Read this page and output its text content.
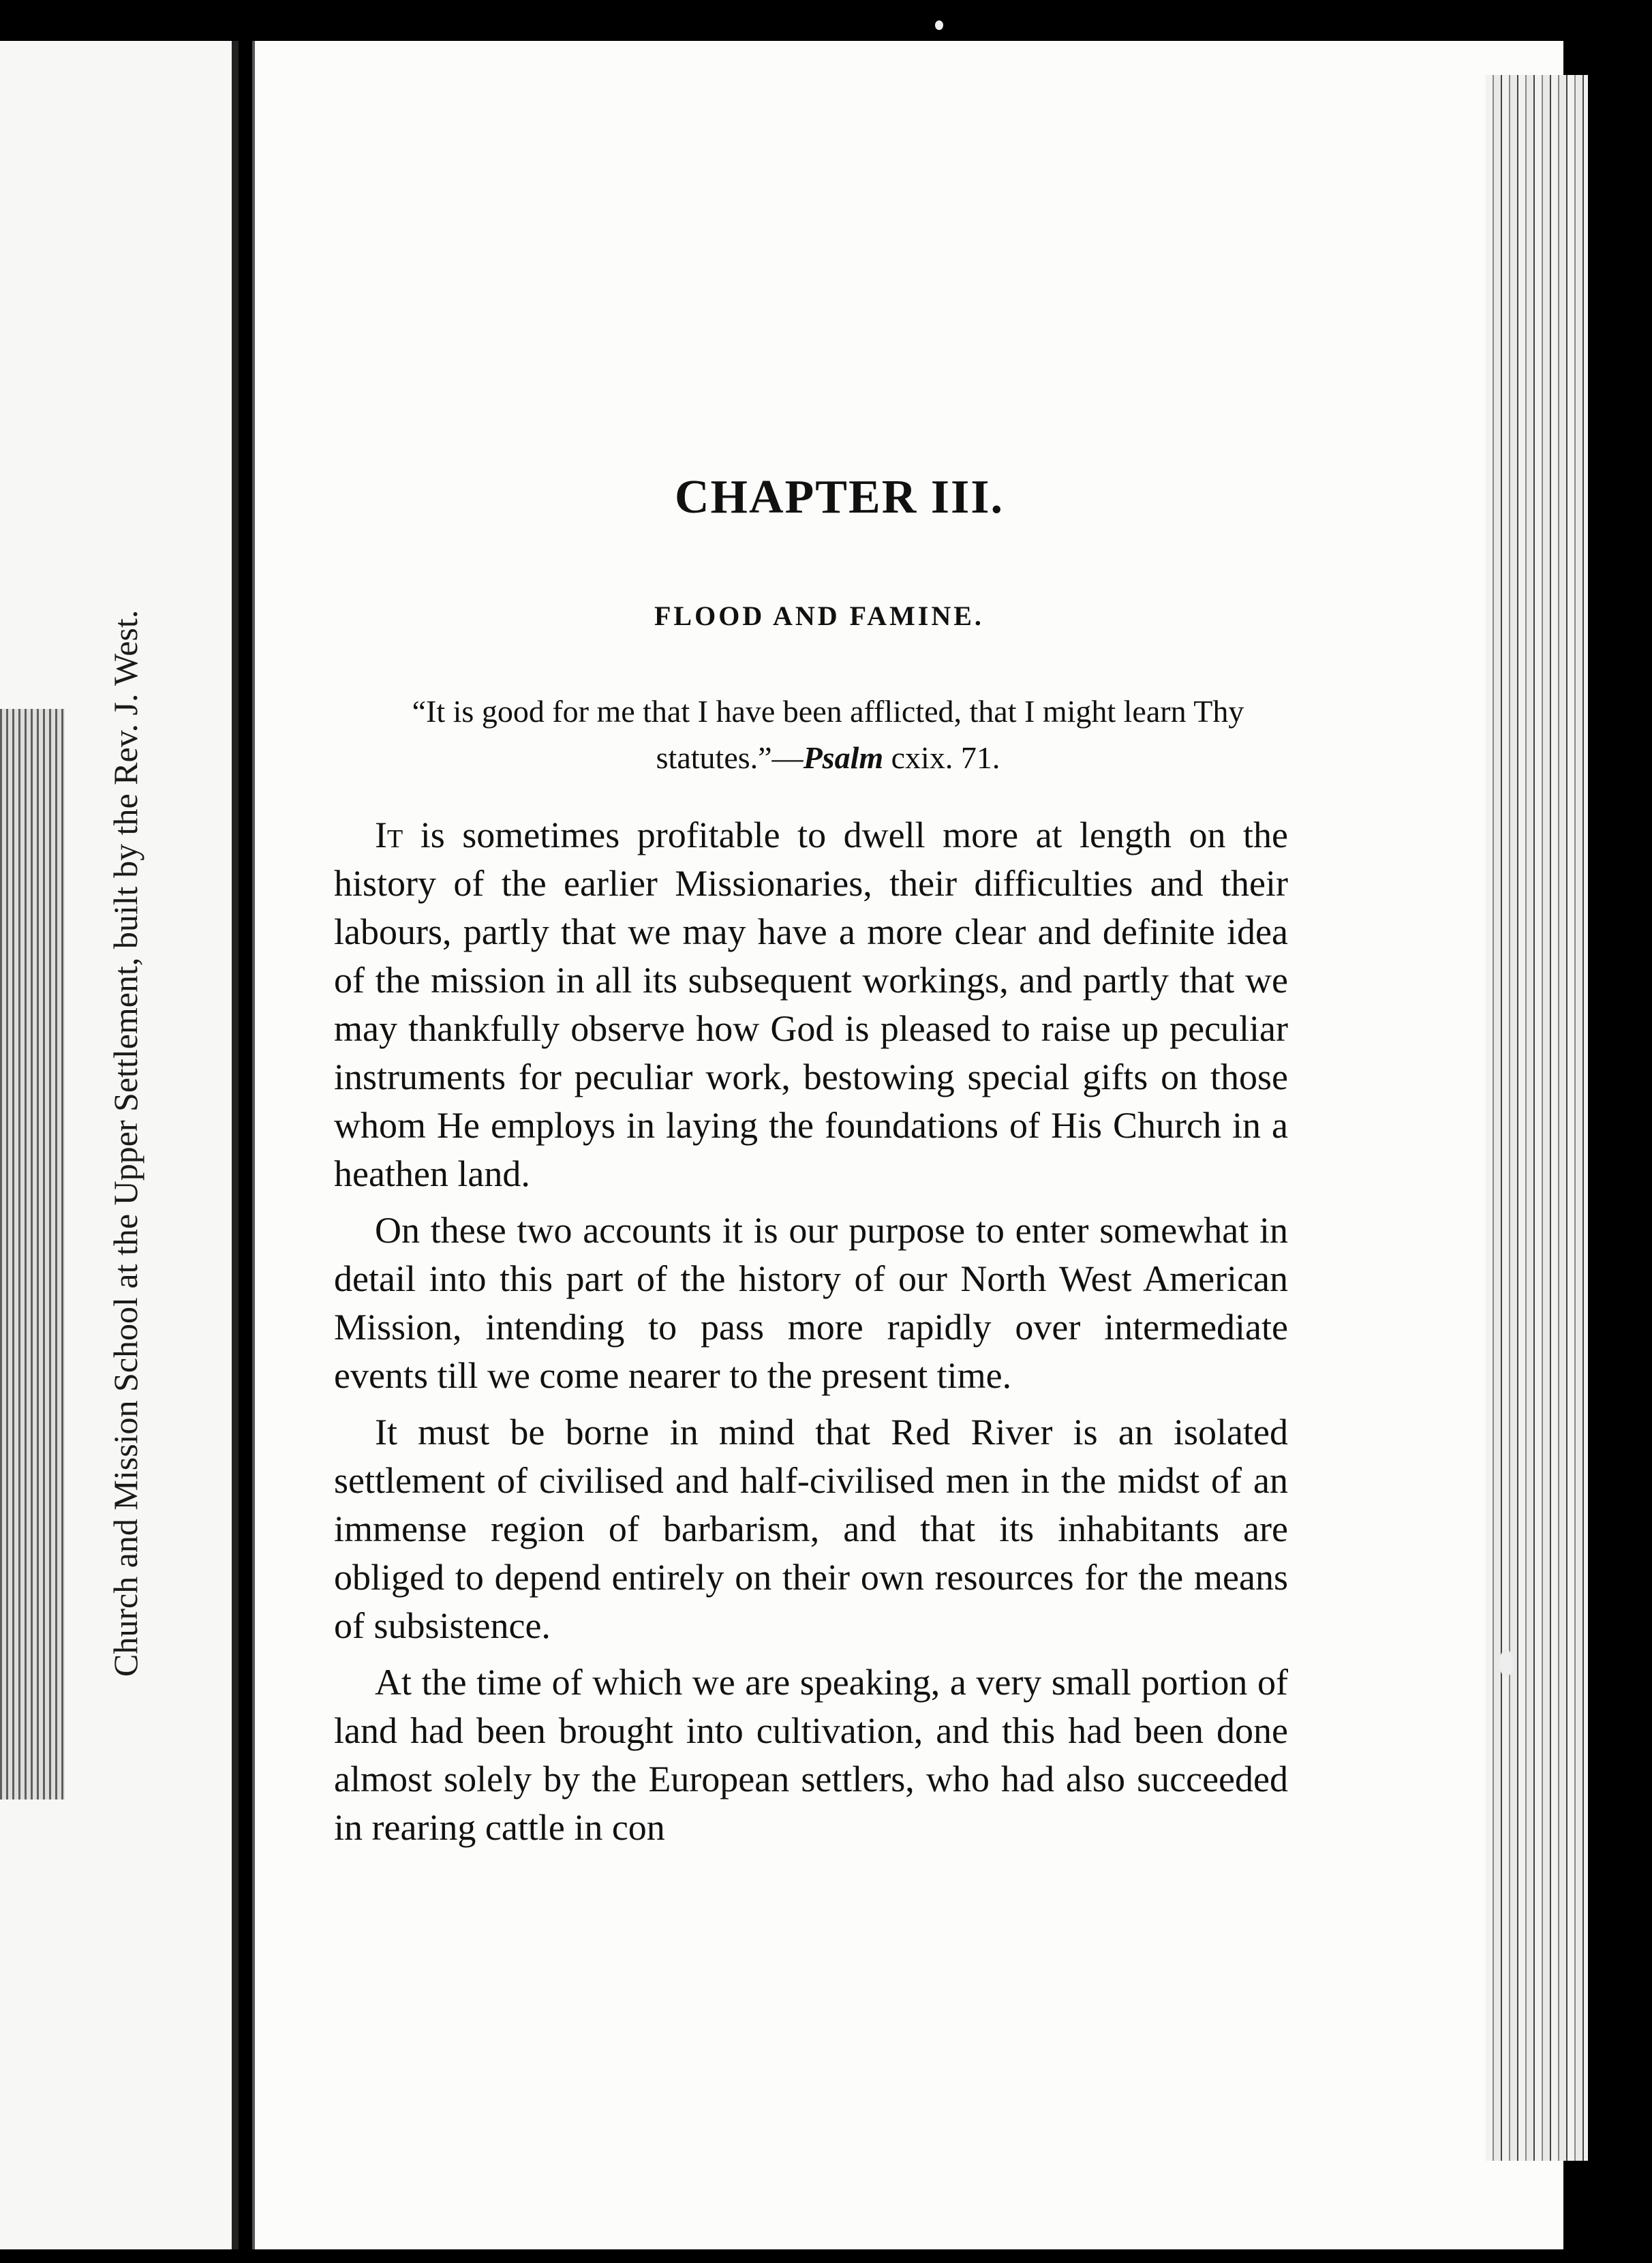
Church and Mission School at the Upper Settlement, built by the Rev. J. West.
CHAPTER III.
FLOOD AND FAMINE.

“It is good for me that I have been afflicted, that I might learn Thy statutes.”—Psalm cxix. 71.

It is sometimes profitable to dwell more at length on the history of the earlier Missionaries, their difficulties and their labours, partly that we may have a more clear and definite idea of the mission in all its subsequent workings, and partly that we may thankfully observe how God is pleased to raise up peculiar instruments for peculiar work, bestowing special gifts on those whom He employs in laying the foundations of His Church in a heathen land.

On these two accounts it is our purpose to enter somewhat in detail into this part of the history of our North West American Mission, intending to pass more rapidly over intermediate events till we come nearer to the present time.

It must be borne in mind that Red River is an isolated settlement of civilised and half-civilised men in the midst of an immense region of barbarism, and that its inhabitants are obliged to depend entirely on their own resources for the means of subsistence.

At the time of which we are speaking, a very small portion of land had been brought into cultivation, and this had been done almost solely by the European settlers, who had also succeeded in rearing cattle in con
